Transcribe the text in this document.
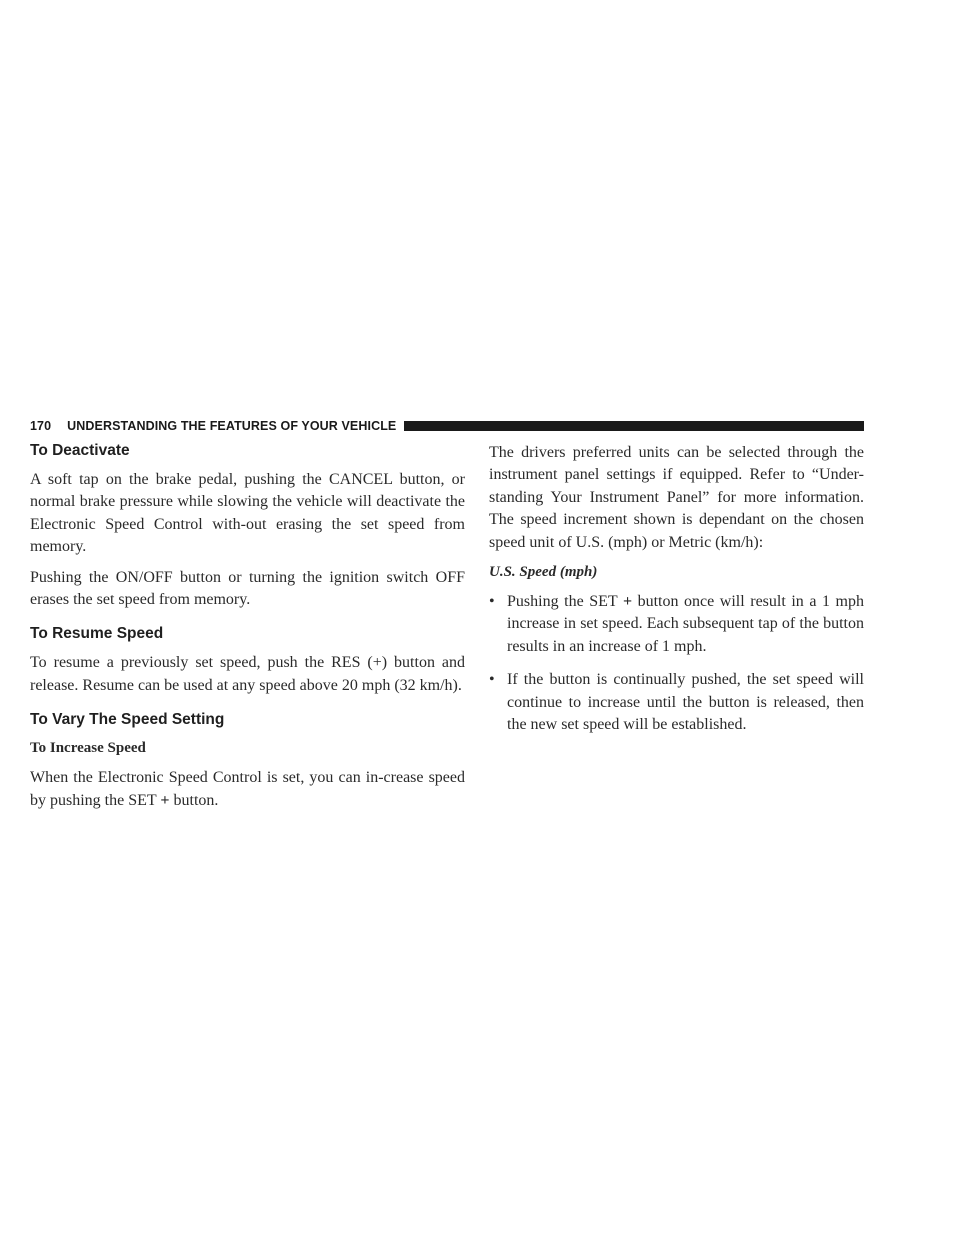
170	UNDERSTANDING THE FEATURES OF YOUR VEHICLE
To Deactivate

A soft tap on the brake pedal, pushing the CANCEL button, or normal brake pressure while slowing the vehicle will deactivate the Electronic Speed Control with-out erasing the set speed from memory.

Pushing the ON/OFF button or turning the ignition switch OFF erases the set speed from memory.

To Resume Speed

To resume a previously set speed, push the RES (+) button and release. Resume can be used at any speed above 20 mph (32 km/h).

To Vary The Speed Setting
To Increase Speed

When the Electronic Speed Control is set, you can in-crease speed by pushing the SET + button.

The drivers preferred units can be selected through the instrument panel settings if equipped. Refer to “Under-standing Your Instrument Panel” for more information. The speed increment shown is dependant on the chosen speed unit of U.S. (mph) or Metric (km/h):

U.S. Speed (mph)
• Pushing the SET + button once will result in a 1 mph increase in set speed. Each subsequent tap of the button results in an increase of 1 mph.
• If the button is continually pushed, the set speed will continue to increase until the button is released, then the new set speed will be established.
